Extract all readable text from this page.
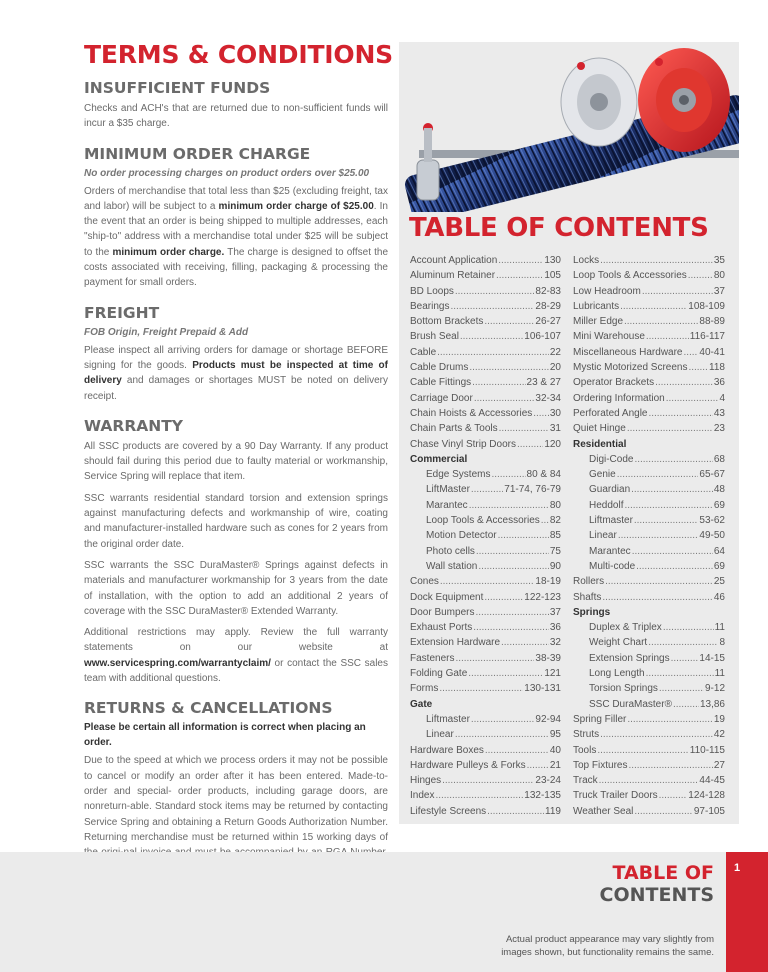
TERMS & CONDITIONS
INSUFFICIENT FUNDS

Checks and ACH's that are returned due to non-sufficient funds will incur a $35 charge.

MINIMUM ORDER CHARGE

No order processing charges on product orders over $25.00

Orders of merchandise that total less than $25 (excluding freight, tax and labor) will be subject to a minimum order charge of $25.00. In the event that an order is being shipped to multiple addresses, each "ship-to" address with a merchandise total under $25 will be subject to the minimum order charge. The charge is designed to offset the costs associated with receiving, filling, packaging & processing the payment for small orders.

FREIGHT

FOB Origin, Freight Prepaid & Add

Please inspect all arriving orders for damage or shortage BEFORE signing for the goods. Products must be inspected at time of delivery and damages or shortages MUST be noted on delivery receipt.

WARRANTY

All SSC products are covered by a 90 Day Warranty. If any product should fail during this period due to faulty material or workmanship, Service Spring will replace that item.

SSC warrants residential standard torsion and extension springs against manufacturing defects and workmanship of wire, coating and manufacturer-installed hardware such as cones for 2 years from the original order date.

SSC warrants the SSC DuraMaster® Springs against defects in materials and manufacturer workmanship for 3 years from the date of installation, with the option to add an additional 2 years of coverage with the SSC DuraMaster® Extended Warranty.

Additional restrictions may apply. Review the full warranty statements on our website at www.servicespring.com/warrantyclaim/ or contact the SSC sales team with additional questions.

RETURNS & CANCELLATIONS

Please be certain all information is correct when placing an order.

Due to the speed at which we process orders it may not be possible to cancel or modify an order after it has been entered. Made-to-order and special- order products, including garage doors, are nonreturn-able. Standard stock items may be returned by contacting Service Spring and obtaining a Return Goods Authorization Number. Returning merchandise must be returned within 15 working days of

TABLE OF CONTENTS
Account Application . . .	130
Aluminum Retainer . . .	105
BD Loops . . .	82-83
Bearings . . .	28-29
Bottom Brackets . . .	26-27
Brush Seal . . .	106-107
Cable . . .	22
Cable Drums . . .	20
Cable Fittings . . .	23 & 27
Carriage Door . . .	32-34
Chain Hoists & Accessories . . . 30
Chain Parts & Tools . . .	31
Chase Vinyl Strip Doors . . .	120
Commercial
Edge Systems . . .	80 & 84
LiftMaster . . .	71-74, 76-79
Marantec . . .	80
Loop Tools & Accessories . . . 82
Motion Detector . . .	85
Photo cells . . .	75
Wall station . . .	90
Cones . . .	18-19
Dock Equipment . . .	122-123
Door Bumpers . . .	37
Exhaust Ports . . .	36
Extension Hardware . . .	32
Fasteners . . .	38-39
Folding Gate . . .	121
Forms . . .	130-131
Gate
Liftmaster . . .	92-94
Linear . . .	95
Hardware Boxes . . .	40
Hardware Pulleys & Forks . . . 21
Hinges . . .	23-24
Index . . .	132-135
Lifestyle Screens . . .	119
Locks . . .	35
Loop Tools & Accessories . . .	80
Low Headroom . . .	37
Lubricants . . .	108-109
Miller Edge . . .	88-89
Mini Warehouse . . .	116-117
Miscellaneous Hardware . . . 40-41
Mystic Motorized Screens . . . 118
Operator Brackets . . .	36
Ordering Information . . .	4
Perforated Angle . . .	43
Quiet Hinge . . .	23
Residential
Digi-Code . . .	68
Genie . . .	65-67
Guardian . . .	48
Heddolf . . .	69
Liftmaster . . .	53-62
Linear . . .	49-50
Marantec . . .	64
Multi-code . . .	69
Rollers . . .	25
Shafts . . .	46
Springs
Duplex & Triplex . . .	11
Weight Chart . . .	8
Extension Springs . . .	14-15
Long Length . . .	11
Torsion Springs . . .	9-12
SSC DuraMaster® . . .	13,86
Spring Filler . . .	19
Struts . . .	42
Tools . . .	110-115
Top Fixtures . . .	27
Track . . .	44-45
Truck Trailer Doors . . .	124-128
Weather Seal . . .	97-105
TABLE OF
CONTENTS

Actual product appearance may vary slightly from images shown, but functionality remains the same.

1
